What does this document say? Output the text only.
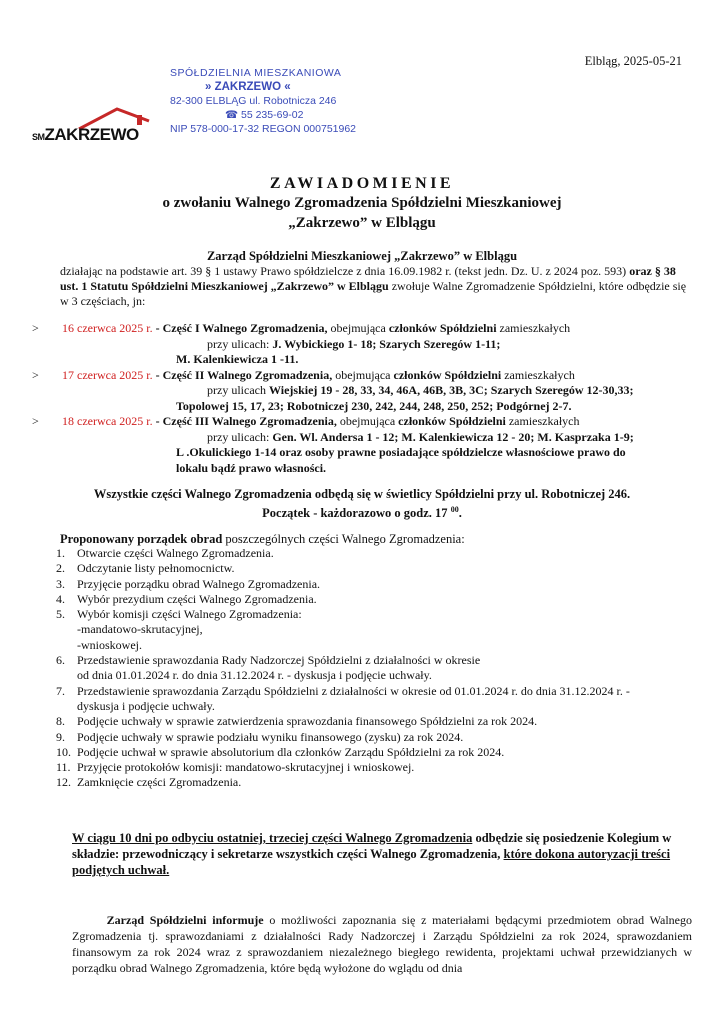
Elbląg, 2025-05-21
SMZAKRZEWO
SPÓŁDZIELNIA MIESZKANIOWA
» ZAKRZEWO «
82-300 ELBLĄG ul. Robotnicza 246
☎ 55 235-69-02
NIP 578-000-17-32 REGON 000751962
ZAWIADOMIENIE
o zwołaniu Walnego Zgromadzenia Spółdzielni Mieszkaniowej
„Zakrzewo” w Elblągu
Zarząd Spółdzielni Mieszkaniowej „Zakrzewo” w Elblągu
działając na podstawie art. 39 § 1 ustawy Prawo spółdzielcze z dnia 16.09.1982 r. (tekst jedn. Dz. U. z 2024 poz. 593) oraz § 38 ust. 1 Statutu Spółdzielni Mieszkaniowej „Zakrzewo” w Elblągu zwołuje Walne Zgromadzenie Spółdzielni, które odbędzie się w 3 częściach, jn:
> 16 czerwca 2025 r. - Część I Walnego Zgromadzenia, obejmująca członków Spółdzielni zamieszkałych
przy ulicach: J. Wybickiego 1- 18; Szarych Szeregów 1-11;
M. Kalenkiewicza 1 -11.
> 17 czerwca 2025 r. - Część II Walnego Zgromadzenia, obejmująca członków Spółdzielni zamieszkałych
przy ulicach Wiejskiej 19 - 28, 33, 34, 46A, 46B, 3B, 3C; Szarych Szeregów 12-30,33;
Topolowej 15, 17, 23; Robotniczej 230, 242, 244, 248, 250, 252; Podgórnej 2-7.
> 18 czerwca 2025 r. - Część III Walnego Zgromadzenia, obejmująca członków Spółdzielni zamieszkałych
przy ulicach: Gen. Wl. Andersa 1 - 12; M. Kalenkiewicza 12 - 20; M. Kasprzaka 1-9;
L .Okulickiego 1-14 oraz osoby prawne posiadające spółdzielcze własnościowe prawo do
lokalu bądź prawo własności.
Wszystkie części Walnego Zgromadzenia odbędą się w świetlicy Spółdzielni przy ul. Robotniczej 246.
Początek - każdorazowo o godz. 17 $^{00}$.
Proponowany porządek obrad poszczególnych części Walnego Zgromadzenia:
1. Otwarcie części Walnego Zgromadzenia.
2. Odczytanie listy pełnomocnictw.
3. Przyjęcie porządku obrad Walnego Zgromadzenia.
4. Wybór prezydium części Walnego Zgromadzenia.
5. Wybór komisji części Walnego Zgromadzenia:
-mandatowo-skrutacyjnej,
-wnioskowej.
6. Przedstawienie sprawozdania Rady Nadzorczej Spółdzielni z działalności w okresie
od dnia 01.01.2024 r. do dnia 31.12.2024 r. - dyskusja i podjęcie uchwały.
7. Przedstawienie sprawozdania Zarządu Spółdzielni z działalności w okresie od 01.01.2024 r. do dnia 31.12.2024 r. -
dyskusja i podjęcie uchwały.
8. Podjęcie uchwały w sprawie zatwierdzenia sprawozdania finansowego Spółdzielni za rok 2024.
9. Podjęcie uchwały w sprawie podziału wyniku finansowego (zysku) za rok 2024.
10. Podjęcie uchwał w sprawie absolutorium dla członków Zarządu Spółdzielni za rok 2024.
11. Przyjęcie protokołów komisji: mandatowo-skrutacyjnej i wnioskowej.
12. Zamknięcie części Zgromadzenia.
W ciągu 10 dni po odbyciu ostatniej, trzeciej części Walnego Zgromadzenia odbędzie się posiedzenie Kolegium w składzie: przewodniczący i sekretarze wszystkich części Walnego Zgromadzenia, które dokona autoryzacji treści podjętych uchwał.
Zarząd Spółdzielni informuje o możliwości zapoznania się z materiałami będącymi przedmiotem obrad Walnego Zgromadzenia tj. sprawozdaniami z działalności Rady Nadzorczej i Zarządu Spółdzielni za rok 2024, sprawozdaniem finansowym za rok 2024 wraz z sprawozdaniem niezależnego biegłego rewidenta, projektami uchwał przewidzianych w porządku obrad Walnego Zgromadzenia, które będą wyłożone do wglądu od dnia
